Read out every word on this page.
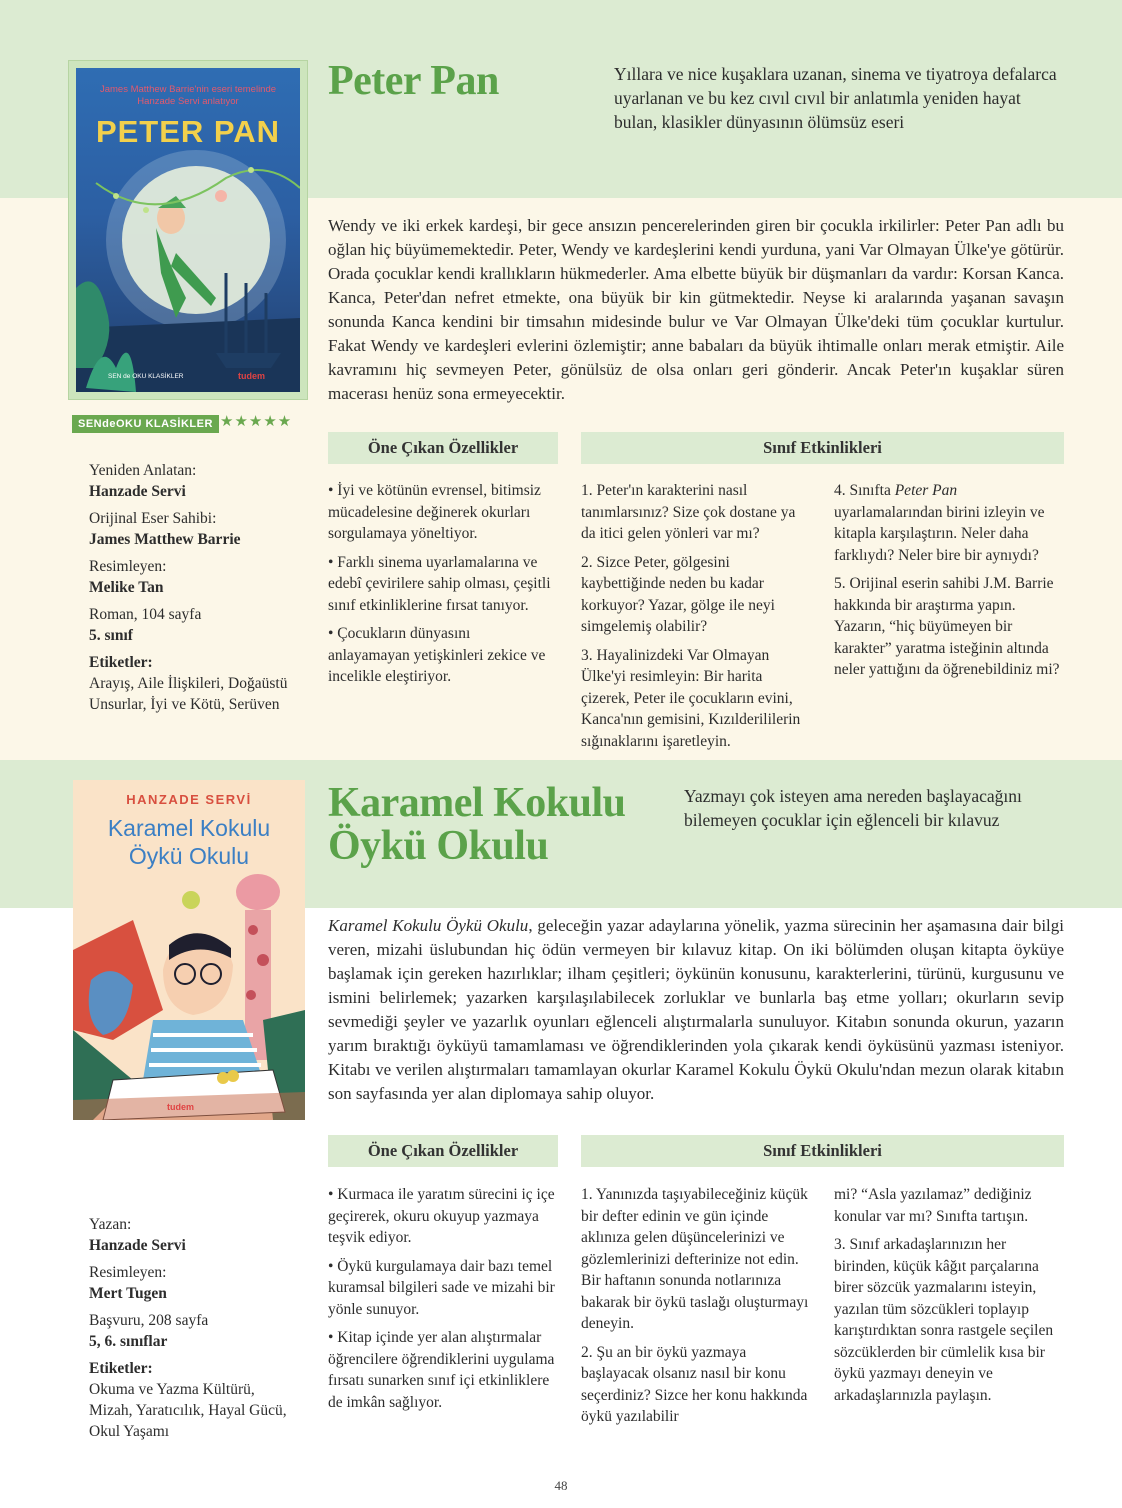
James Matthew Barrie'nin eseri temelinde
Hanzade Servi anlatıyor
PETER PAN
SEN de OKU KLASİKLER	tudem
Peter Pan	Yıllara ve nice kuşaklara uzanan, sinema ve tiyatroya defalarca uyarlanan ve bu kez cıvıl cıvıl bir anlatımla yeniden hayat bulan, klasikler dünyasının ölümsüz eseri

Wendy ve iki erkek kardeşi, bir gece ansızın pencerelerinden giren bir çocukla irkilirler: Peter Pan adlı bu oğlan hiç büyümemektedir. Peter, Wendy ve kardeşlerini kendi yurduna, yani Var Olmayan Ülke'ye götürür. Orada çocuklar kendi krallıkların hükmederler. Ama elbette büyük bir düşmanları da vardır: Korsan Kanca. Kanca, Peter'dan nefret etmekte, ona büyük bir kin gütmektedir. Neyse ki aralarında yaşanan savaşın sonunda Kanca kendini bir timsahın midesinde bulur ve Var Olmayan Ülke'deki tüm çocuklar kurtulur. Fakat Wendy ve kardeşleri evlerini özlemiştir; anne babaları da büyük ihtimalle onları merak etmiştir. Aile kavramını hiç sevmeyen Peter, gönülsüz de olsa onları geri gönderir. Ancak Peter'ın kuşaklar süren macerası henüz sona ermeyecektir.

SENdeOKU KLASİKLER ★★★★★
Yeniden Anlatan:
Hanzade Servi
Orijinal Eser Sahibi:
James Matthew Barrie
Resimleyen:
Melike Tan
Roman, 104 sayfa
5. sınıf
Etiketler:
Arayış, Aile İlişkileri, Doğaüstü Unsurlar, İyi ve Kötü, Serüven
Öne Çıkan Özellikler	Sınıf Etkinlikleri

• İyi ve kötünün evrensel, bitimsiz mücadelesine değinerek okurları sorgulamaya yöneltiyor.

• Farklı sinema uyarlamalarına ve edebî çevirilere sahip olması, çeşitli sınıf etkinliklerine fırsat tanıyor.

• Çocukların dünyasını anlayamayan yetişkinleri zekice ve incelikle eleştiriyor.

1. Peter'ın karakterini nasıl tanımlarsınız? Size çok dostane ya da itici gelen yönleri var mı?

2. Sizce Peter, gölgesini kaybettiğinde neden bu kadar korkuyor? Yazar, gölge ile neyi simgelemiş olabilir?

3. Hayalinizdeki Var Olmayan Ülke'yi resimleyin: Bir harita çizerek, Peter ile çocukların evini, Kanca'nın gemisini, Kızılderililerin sığınaklarını işaretleyin.

4. Sınıfta Peter Pan uyarlamalarından birini izleyin ve kitapla karşılaştırın. Neler daha farklıydı? Neler bire bir aynıydı?

5. Orijinal eserin sahibi J.M. Barrie hakkında bir araştırma yapın. Yazarın, “hiç büyümeyen bir karakter” yaratma isteğinin altında neler yattığını da öğrenebildiniz mi?

HANZADE SERVİ
Karamel Kokulu
Öykü Okulu
tudem
Karamel Kokulu
Öykü Okulu
Yazmayı çok isteyen ama nereden başlayacağını bilemeyen çocuklar için eğlenceli bir kılavuz

Karamel Kokulu Öykü Okulu, geleceğin yazar adaylarına yönelik, yazma sürecinin her aşamasına dair bilgi veren, mizahi üslubundan hiç ödün vermeyen bir kılavuz kitap. On iki bölümden oluşan kitapta öyküye başlamak için gereken hazırlıklar; ilham çeşitleri; öykünün konusunu, karakterlerini, türünü, kurgusunu ve ismini belirlemek; yazarken karşılaşılabilecek zorluklar ve bunlarla baş etme yolları; okurların sevip sevmediği şeyler ve yazarlık oyunları eğlenceli alıştırmalarla sunuluyor. Kitabın sonunda okurun, yazarın yarım bıraktığı öyküyü tamamlaması ve öğrendiklerinden yola çıkarak kendi öyküsünü yazması isteniyor. Kitabı ve verilen alıştırmaları tamamlayan okurlar Karamel Kokulu Öykü Okulu'ndan mezun olarak kitabın son sayfasında yer alan diplomaya sahip oluyor.

Yazan:
Hanzade Servi
Resimleyen:
Mert Tugen
Başvuru, 208 sayfa
5, 6. sınıflar
Etiketler:
Okuma ve Yazma Kültürü, Mizah, Yaratıcılık, Hayal Gücü, Okul Yaşamı
Öne Çıkan Özellikler	Sınıf Etkinlikleri

• Kurmaca ile yaratım sürecini iç içe geçirerek, okuru okuyup yazmaya teşvik ediyor.

• Öykü kurgulamaya dair bazı temel kuramsal bilgileri sade ve mizahi bir yönle sunuyor.

• Kitap içinde yer alan alıştırmalar öğrencilere öğrendiklerini uygulama fırsatı sunarken sınıf içi etkinliklere de imkân sağlıyor.

1. Yanınızda taşıyabileceğiniz küçük bir defter edinin ve gün içinde aklınıza gelen düşüncelerinizi ve gözlemlerinizi defterinize not edin. Bir haftanın sonunda notlarınıza bakarak bir öykü taslağı oluşturmayı deneyin.

2. Şu an bir öykü yazmaya başlayacak olsanız nasıl bir konu seçerdiniz? Sizce her konu hakkında öykü yazılabilir

mi? “Asla yazılamaz” dediğiniz konular var mı? Sınıfta tartışın.

3. Sınıf arkadaşlarınızın her birinden, küçük kâğıt parçalarına birer sözcük yazmalarını isteyin, yazılan tüm sözcükleri toplayıp karıştırdıktan sonra rastgele seçilen sözcüklerden bir cümlelik kısa bir öykü yazmayı deneyin ve arkadaşlarınızla paylaşın.

48
